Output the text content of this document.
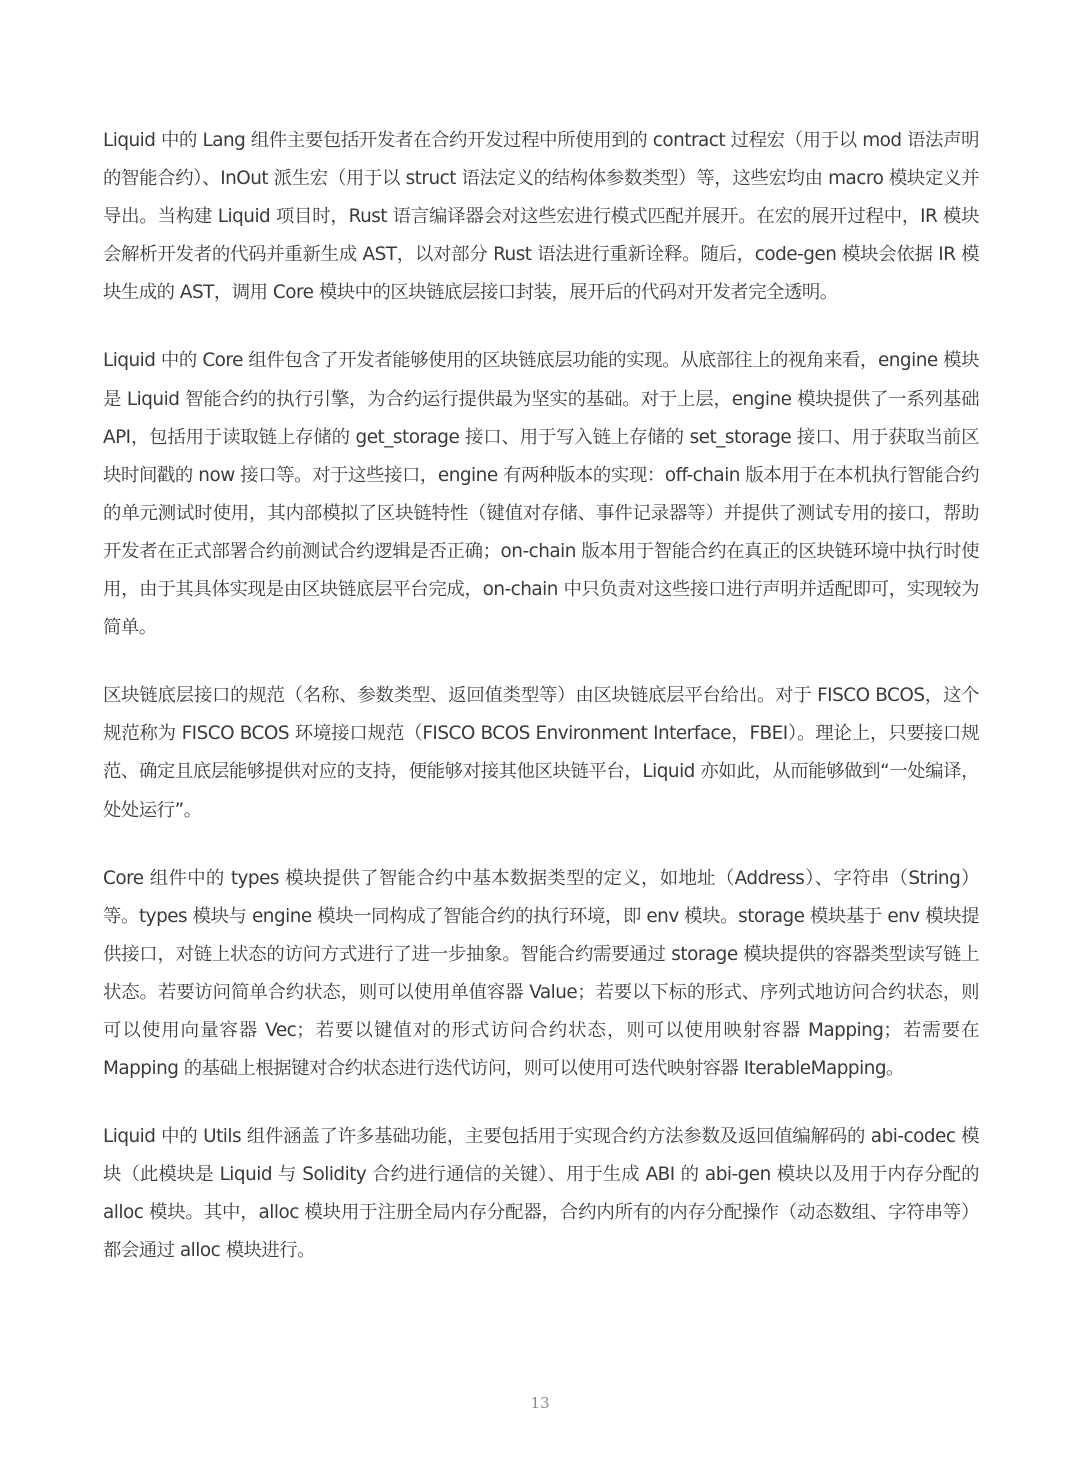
Liquid 中的 Lang 组件主要包括开发者在合约开发过程中所使用到的 contract 过程宏（用于以 mod 语法声明的智能合约）、InOut 派生宏（用于以 struct 语法定义的结构体参数类型）等，这些宏均由 macro 模块定义并导出。当构建 Liquid 项目时，Rust 语言编译器会对这些宏进行模式匹配并展开。在宏的展开过程中，IR 模块会解析开发者的代码并重新生成 AST，以对部分 Rust 语法进行重新诠释。随后，code-gen 模块会依据 IR 模块生成的 AST，调用 Core 模块中的区块链底层接口封装，展开后的代码对开发者完全透明。

Liquid 中的 Core 组件包含了开发者能够使用的区块链底层功能的实现。从底部往上的视角来看，engine 模块是 Liquid 智能合约的执行引擎，为合约运行提供最为坚实的基础。对于上层，engine 模块提供了一系列基础 API，包括用于读取链上存储的 get_storage 接口、用于写入链上存储的 set_storage 接口、用于获取当前区块时间戳的 now 接口等。对于这些接口，engine 有两种版本的实现：off-chain 版本用于在本机执行智能合约的单元测试时使用，其内部模拟了区块链特性（键值对存储、事件记录器等）并提供了测试专用的接口，帮助开发者在正式部署合约前测试合约逻辑是否正确；on-chain 版本用于智能合约在真正的区块链环境中执行时使用，由于其具体实现是由区块链底层平台完成，on-chain 中只负责对这些接口进行声明并适配即可，实现较为简单。

区块链底层接口的规范（名称、参数类型、返回值类型等）由区块链底层平台给出。对于 FISCO BCOS，这个规范称为 FISCO BCOS 环境接口规范（FISCO BCOS Environment Interface，FBEI）。理论上，只要接口规范、确定且底层能够提供对应的支持，便能够对接其他区块链平台，Liquid 亦如此，从而能够做到“一处编译，处处运行”。

Core 组件中的 types 模块提供了智能合约中基本数据类型的定义，如地址（Address）、字符串（String）等。types 模块与 engine 模块一同构成了智能合约的执行环境，即 env 模块。storage 模块基于 env 模块提供接口，对链上状态的访问方式进行了进一步抽象。智能合约需要通过 storage 模块提供的容器类型读写链上状态。若要访问简单合约状态，则可以使用单值容器 Value；若要以下标的形式、序列式地访问合约状态，则可以使用向量容器 Vec；若要以键值对的形式访问合约状态，则可以使用映射容器 Mapping；若需要在 Mapping 的基础上根据键对合约状态进行迭代访问，则可以使用可迭代映射容器 IterableMapping。

Liquid 中的 Utils 组件涵盖了许多基础功能，主要包括用于实现合约方法参数及返回值编解码的 abi-codec 模块（此模块是 Liquid 与 Solidity 合约进行通信的关键）、用于生成 ABI 的 abi-gen 模块以及用于内存分配的 alloc 模块。其中，alloc 模块用于注册全局内存分配器，合约内所有的内存分配操作（动态数组、字符串等）都会通过 alloc 模块进行。

13
